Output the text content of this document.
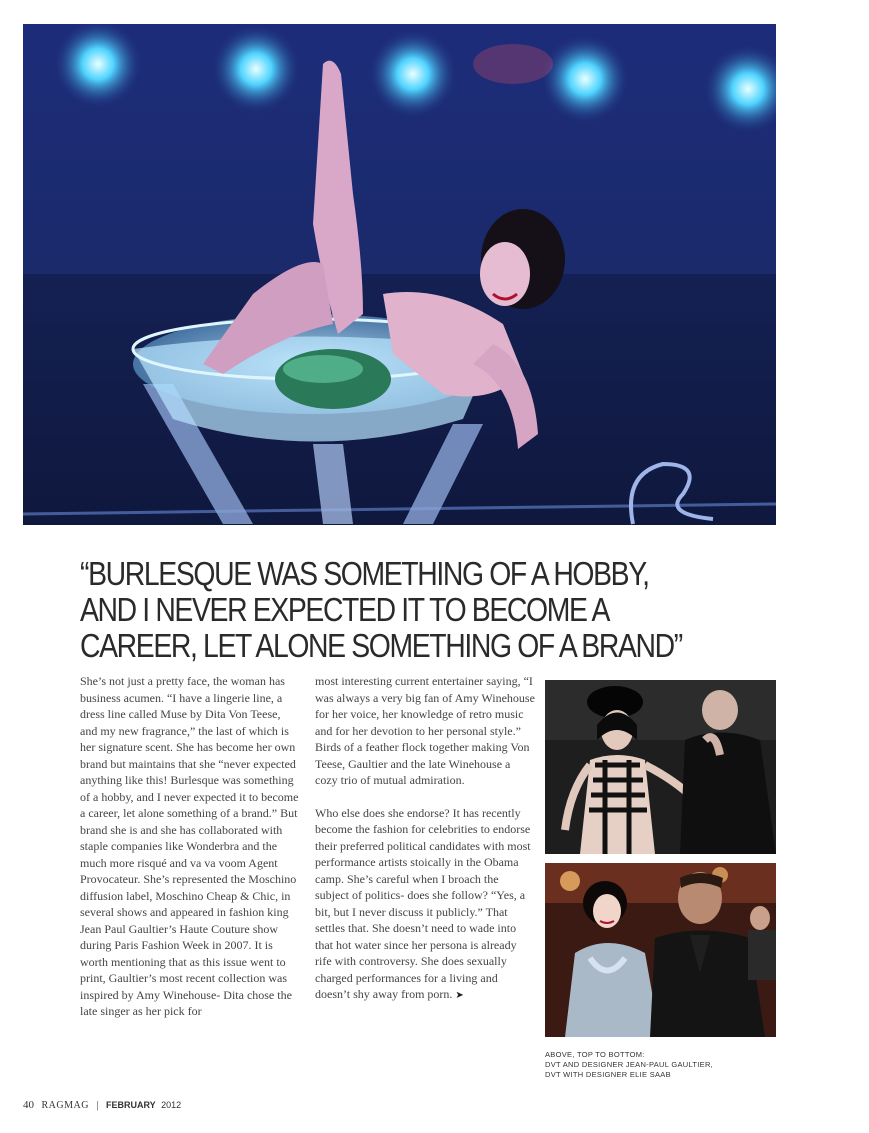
“BURLESQUE WAS SOMETHING OF A HOBBY,
AND I NEVER EXPECTED IT TO BECOME A
CAREER, LET ALONE SOMETHING OF A BRAND”

She’s not just a pretty face, the woman has business acumen. “I have a lingerie line, a dress line called Muse by Dita Von Teese, and my new fragrance,” the last of which is her signature scent. She has become her own brand but maintains that she “never expected anything like this! Burlesque was something of a hobby, and I never expected it to become a career, let alone something of a brand.” But brand she is and she has collaborated with staple companies like Wonderbra and the much more risqué and va va voom Agent Provocateur. She’s represented the Moschino diffusion label, Moschino Cheap & Chic, in several shows and appeared in fashion king Jean Paul Gaultier’s Haute Couture show during Paris Fashion Week in 2007. It is worth mentioning that as this issue went to print, Gaultier’s most recent collection was inspired by Amy Winehouse- Dita chose the late singer as her pick for

most interesting current entertainer saying, “I was always a very big fan of Amy Winehouse for her voice, her knowledge of retro music and for her devotion to her personal style.” Birds of a feather flock together making Von Teese, Gaultier and the late Winehouse a cozy trio of mutual admiration.

Who else does she endorse? It has recently become the fashion for celebrities to endorse their preferred political candidates with most performance artists stoically in the Obama camp. She’s careful when I broach the subject of politics- does she follow? “Yes, a bit, but I never discuss it publicly.” That settles that. She doesn’t need to wade into that hot water since her persona is already rife with controversy. She does sexually charged performances for a living and doesn’t shy away from porn. ➤

ABOVE, TOP TO BOTTOM:
DVT AND DESIGNER JEAN-PAUL GAULTIER,
DVT WITH DESIGNER ELIE SAAB
40 RAGMAG | FEBRUARY 2012
